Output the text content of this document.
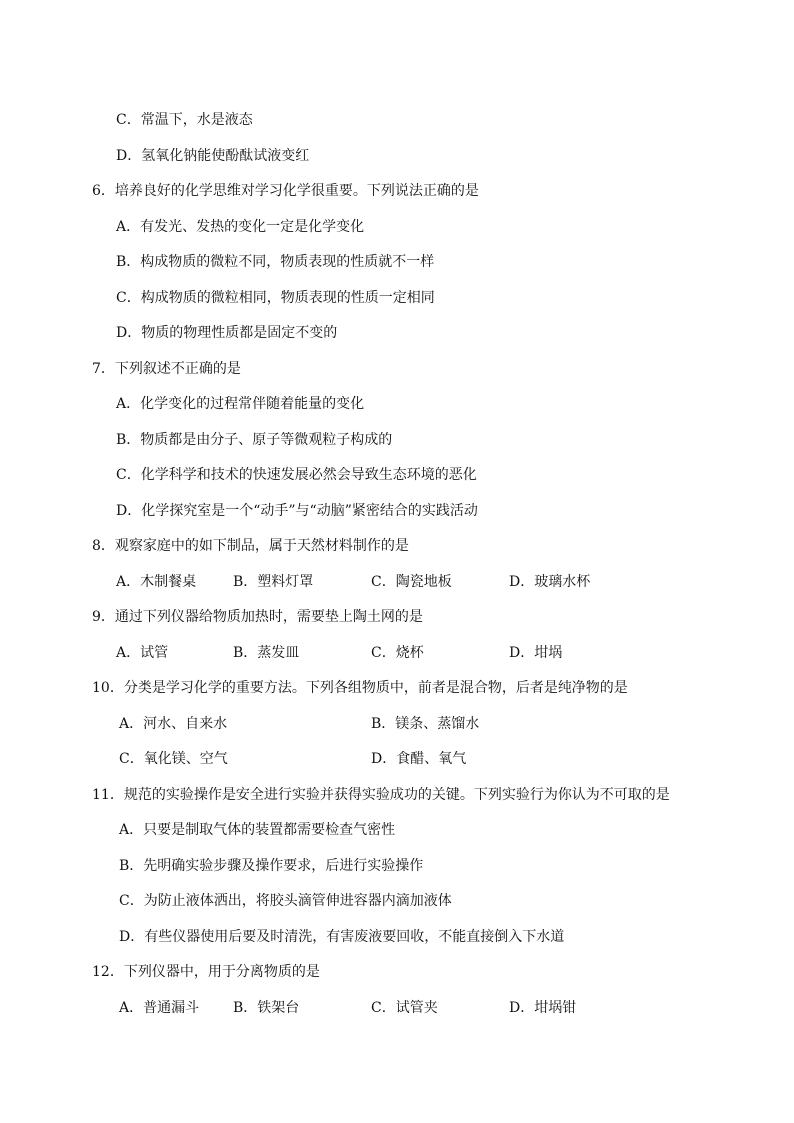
C．常温下，水是液态
D．氢氧化钠能使酚酞试液变红
6．培养良好的化学思维对学习化学很重要。下列说法正确的是
A．有发光、发热的变化一定是化学变化
B．构成物质的微粒不同，物质表现的性质就不一样
C．构成物质的微粒相同，物质表现的性质一定相同
D．物质的物理性质都是固定不变的
7．下列叙述不正确的是
A．化学变化的过程常伴随着能量的变化
B．物质都是由分子、原子等微观粒子构成的
C．化学科学和技术的快速发展必然会导致生态环境的恶化
D．化学探究室是一个“动手”与“动脑”紧密结合的实践活动
8．观察家庭中的如下制品，属于天然材料制作的是
A．木制餐桌	B．塑料灯罩	C．陶瓷地板	D．玻璃水杯
9．通过下列仪器给物质加热时，需要垫上陶土网的是
A．试管	B．蒸发皿	C．烧杯	D．坩埚
10．分类是学习化学的重要方法。下列各组物质中，前者是混合物，后者是纯净物的是
A．河水、自来水	B．镁条、蒸馏水
C．氧化镁、空气	D．食醋、氧气
11．规范的实验操作是安全进行实验并获得实验成功的关键。下列实验行为你认为不可取的是
A．只要是制取气体的装置都需要检查气密性
B．先明确实验步骤及操作要求，后进行实验操作
C．为防止液体洒出，将胶头滴管伸进容器内滴加液体
D．有些仪器使用后要及时清洗，有害废液要回收，不能直接倒入下水道
12．下列仪器中，用于分离物质的是
A．普通漏斗 B．铁架台	C．试管夹	D．坩埚钳
